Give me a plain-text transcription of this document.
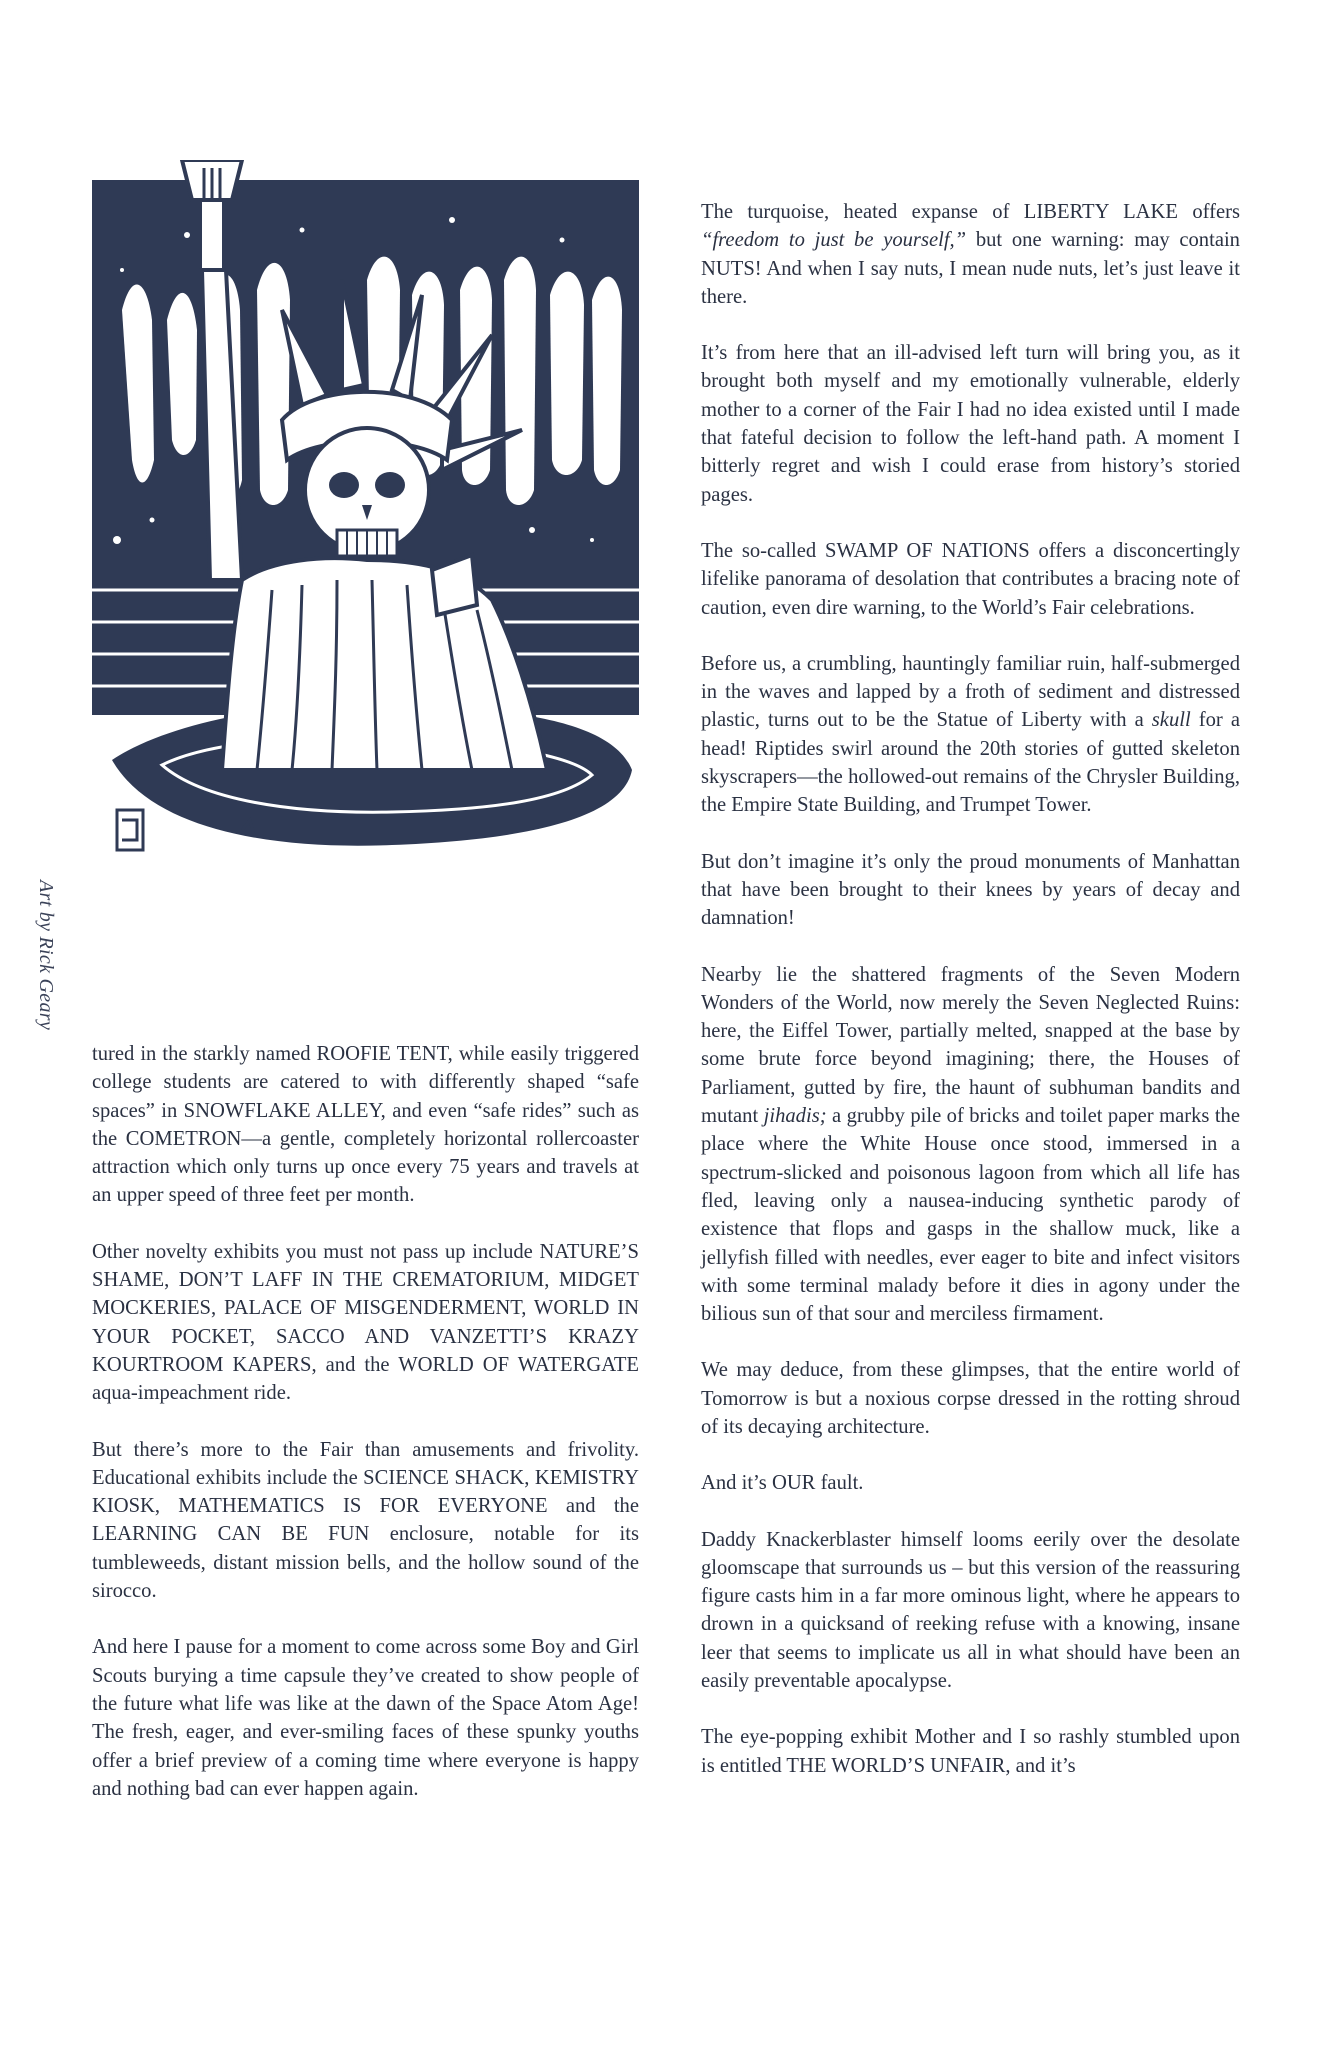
Art by Rick Geary

tured in the starkly named ROOFIE TENT, while easily triggered college students are catered to with differently shaped “safe spaces” in SNOWFLAKE ALLEY, and even “safe rides” such as the COMETRON—a gentle, completely horizontal rollercoaster attraction which only turns up once every 75 years and travels at an upper speed of three feet per month.

Other novelty exhibits you must not pass up include NATURE’S SHAME, DON’T LAFF IN THE CREMATORIUM, MIDGET MOCKERIES, PALACE OF MISGENDERMENT, WORLD IN YOUR POCKET, SACCO AND VANZETTI’S KRAZY KOURTROOM KAPERS, and the WORLD OF WATERGATE aqua-impeachment ride.

But there’s more to the Fair than amusements and frivolity. Educational exhibits include the SCIENCE SHACK, KEMISTRY KIOSK, MATHEMATICS IS FOR EVERYONE and the LEARNING CAN BE FUN enclosure, notable for its tumbleweeds, distant mission bells, and the hollow sound of the sirocco.

And here I pause for a moment to come across some Boy and Girl Scouts burying a time capsule they’ve created to show people of the future what life was like at the dawn of the Space Atom Age! The fresh, eager, and ever-smiling faces of these spunky youths offer a brief preview of a coming time where everyone is happy and nothing bad can ever happen again.

The turquoise, heated expanse of LIBERTY LAKE offers “freedom to just be yourself,” but one warning: may contain NUTS! And when I say nuts, I mean nude nuts, let’s just leave it there.

It’s from here that an ill-advised left turn will bring you, as it brought both myself and my emotionally vulnerable, elderly mother to a corner of the Fair I had no idea existed until I made that fateful decision to follow the left-hand path. A moment I bitterly regret and wish I could erase from history’s storied pages.

The so-called SWAMP OF NATIONS offers a disconcertingly lifelike panorama of desolation that contributes a bracing note of caution, even dire warning, to the World’s Fair celebrations.

Before us, a crumbling, hauntingly familiar ruin, half-submerged in the waves and lapped by a froth of sediment and distressed plastic, turns out to be the Statue of Liberty with a skull for a head! Riptides swirl around the 20th stories of gutted skeleton skyscrapers—the hollowed-out remains of the Chrysler Building, the Empire State Building, and Trumpet Tower.

But don’t imagine it’s only the proud monuments of Manhattan that have been brought to their knees by years of decay and damnation!

Nearby lie the shattered fragments of the Seven Modern Wonders of the World, now merely the Seven Neglected Ruins: here, the Eiffel Tower, partially melted, snapped at the base by some brute force beyond imagining; there, the Houses of Parliament, gutted by fire, the haunt of subhuman bandits and mutant jihadis; a grubby pile of bricks and toilet paper marks the place where the White House once stood, immersed in a spectrum-slicked and poisonous lagoon from which all life has fled, leaving only a nausea-inducing synthetic parody of existence that flops and gasps in the shallow muck, like a jellyfish filled with needles, ever eager to bite and infect visitors with some terminal malady before it dies in agony under the bilious sun of that sour and merciless firmament.

We may deduce, from these glimpses, that the entire world of Tomorrow is but a noxious corpse dressed in the rotting shroud of its decaying architecture.

And it’s OUR fault.

Daddy Knackerblaster himself looms eerily over the desolate gloomscape that surrounds us – but this version of the reassuring figure casts him in a far more ominous light, where he appears to drown in a quicksand of reeking refuse with a knowing, insane leer that seems to implicate us all in what should have been an easily preventable apocalypse.

The eye-popping exhibit Mother and I so rashly stumbled upon is entitled THE WORLD’S UNFAIR, and it’s
